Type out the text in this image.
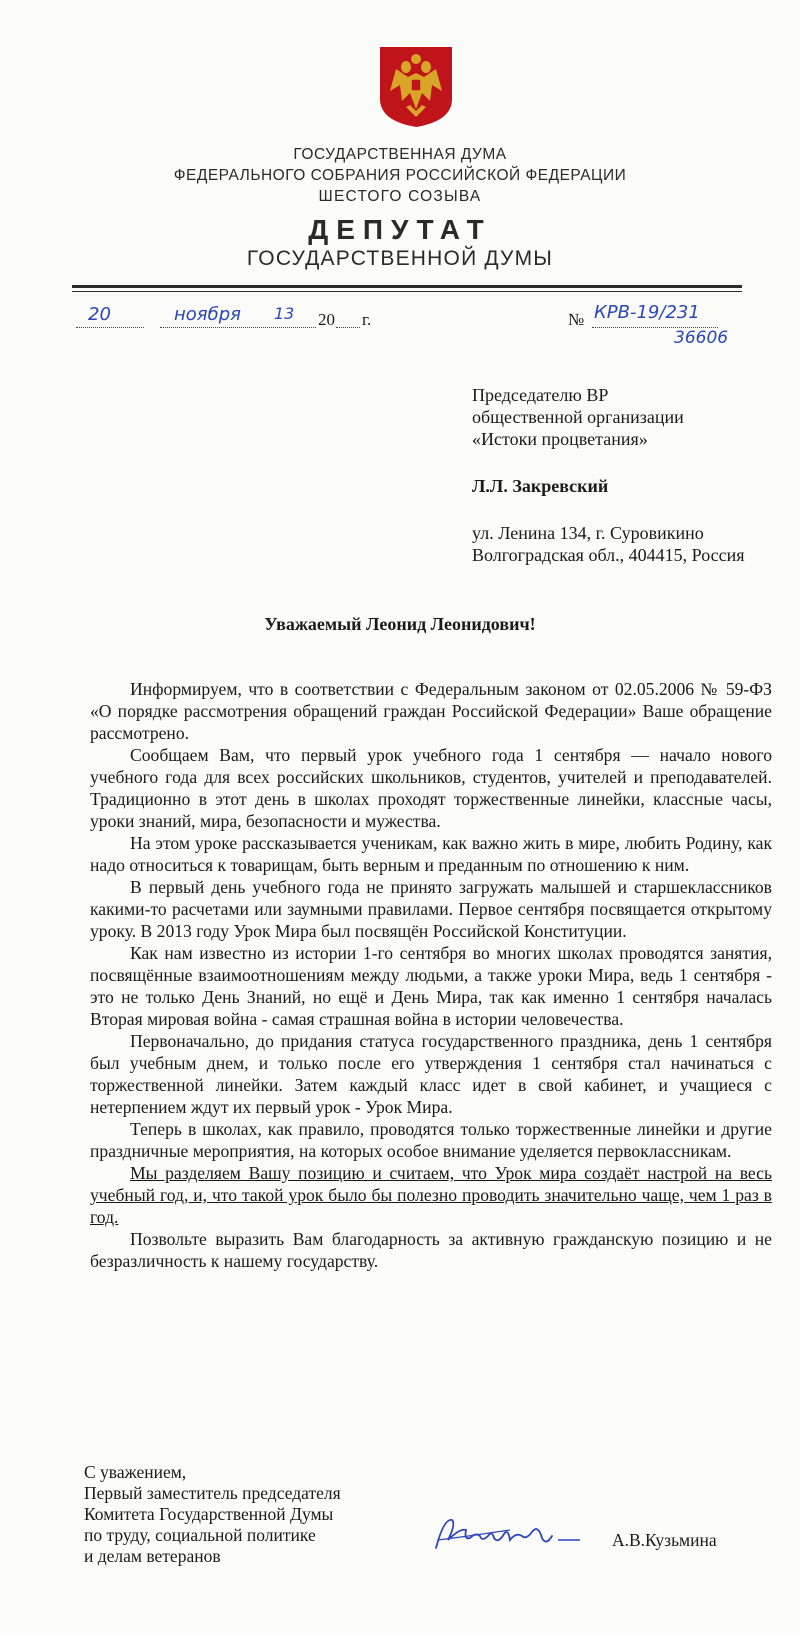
ГОСУДАРСТВЕННАЯ ДУМА
ФЕДЕРАЛЬНОГО СОБРАНИЯ РОССИЙСКОЙ ФЕДЕРАЦИИ
ШЕСТОГО СОЗЫВА
ДЕПУТАТ
ГОСУДАРСТВЕННОЙ ДУМЫ
20	ноября	20
13	г.	№ КРВ-19/231
36606
Председателю ВР
общественной организации
«Истоки процветания»
Л.Л. Закревский
ул. Ленина 134, г. Суровикино
Волгоградская обл., 404415, Россия
Уважаемый Леонид Леонидович!

Информируем, что в соответствии с Федеральным законом от 02.05.2006 № 59-ФЗ «О порядке рассмотрения обращений граждан Российской Федерации» Ваше обращение рассмотрено.

Сообщаем Вам, что первый урок учебного года 1 сентября — начало нового учебного года для всех российских школьников, студентов, учителей и преподавателей. Традиционно в этот день в школах проходят торжественные линейки, классные часы, уроки знаний, мира, безопасности и мужества.

На этом уроке рассказывается ученикам, как важно жить в мире, любить Родину, как надо относиться к товарищам, быть верным и преданным по отношению к ним.

В первый день учебного года не принято загружать малышей и старшеклассников какими-то расчетами или заумными правилами. Первое сентября посвящается открытому уроку. В 2013 году Урок Мира был посвящён Российской Конституции.

Как нам известно из истории 1-го сентября во многих школах проводятся занятия, посвящённые взаимоотношениям между людьми, а также уроки Мира, ведь 1 сентября - это не только День Знаний, но ещё и День Мира, так как именно 1 сентября началась Вторая мировая война - самая страшная война в истории человечества.

Первоначально, до придания статуса государственного праздника, день 1 сентября был учебным днем, и только после его утверждения 1 сентября стал начинаться с торжественной линейки. Затем каждый класс идет в свой кабинет, и учащиеся с нетерпением ждут их первый урок - Урок Мира.

Теперь в школах, как правило, проводятся только торжественные линейки и другие праздничные мероприятия, на которых особое внимание уделяется первоклассникам.

Мы разделяем Вашу позицию и считаем, что Урок мира создаёт настрой на весь учебный год, и, что такой урок было бы полезно проводить значительно чаще, чем 1 раз в год.

Позвольте выразить Вам благодарность за активную гражданскую позицию и не безразличность к нашему государству.

С уважением,
Первый заместитель председателя
Комитета Государственной Думы
по труду, социальной политике
и делам ветеранов
А.В.Кузьмина
